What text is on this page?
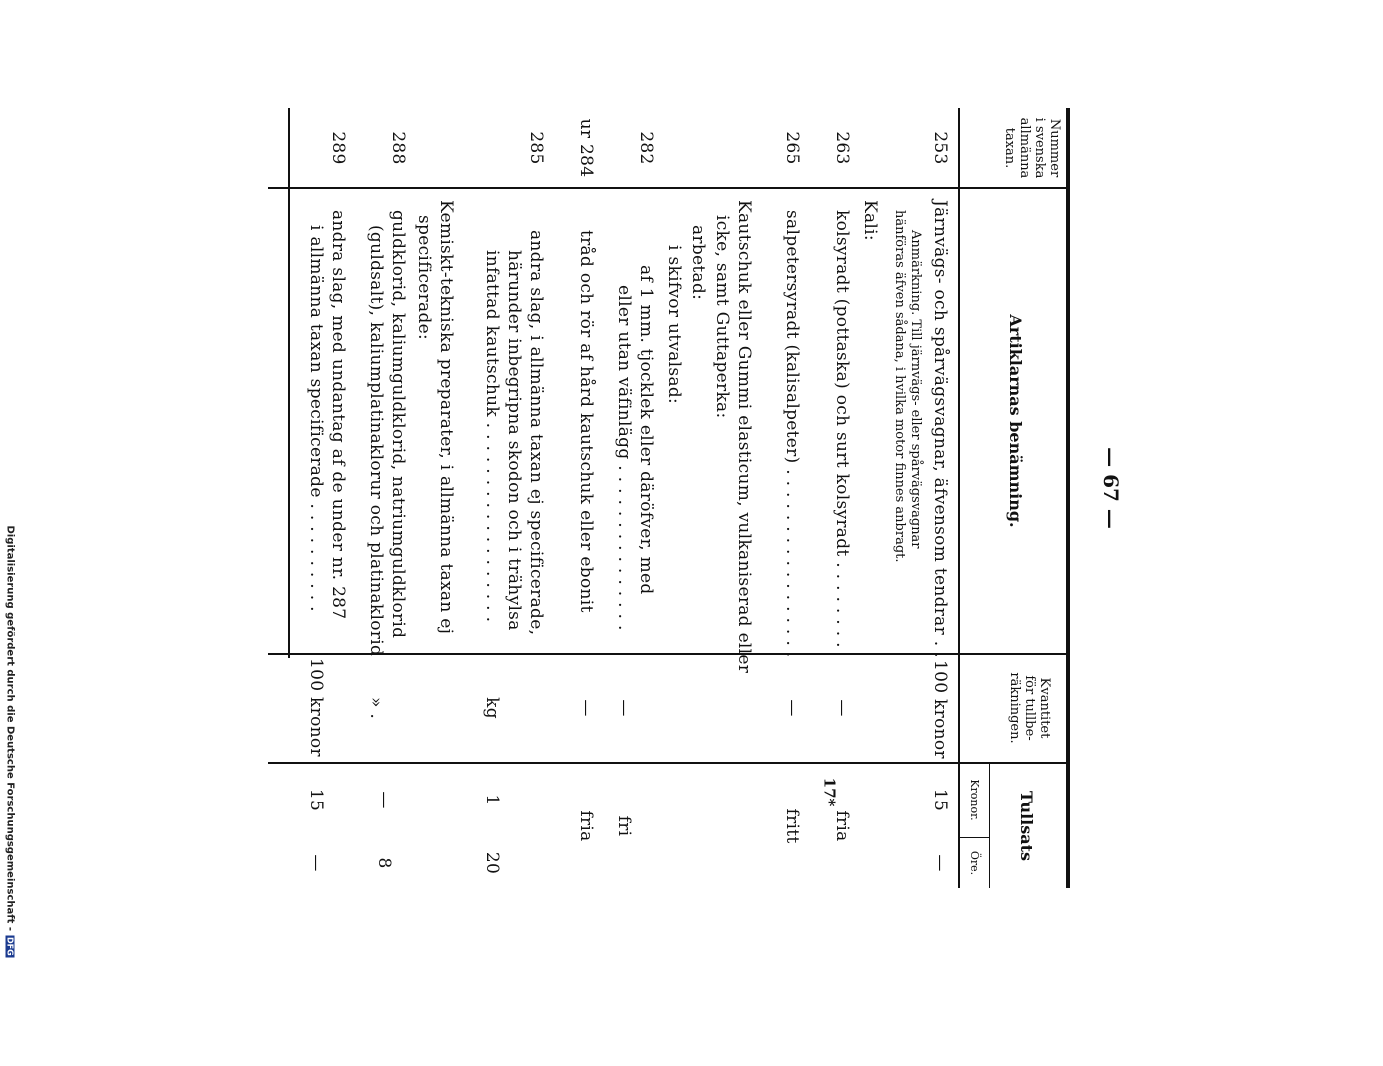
— 67 —
17*
Digitalisierung gefördert durch die Deutsche Forschungsgemeinschaft -DFG
Nummer
i svenska
allmänna
taxan.
Artiklarnas benämning.
Kvantitet
för tullbe-
räkningen.
Tullsats
Kronor.
Öre.
253
Järnvägs- och spårvägsvagnar, äfvensom tendrar . .
100 kronor
15
—
Anmärkning. Till järnvägs- eller spårvägsvagnar
hänföras äfven sådana, i hvilka motor finnes anbragt.
Kali:
263
kolsyradt (pottaska) och surt kolsyradt . . . . . . . .
—
fria
265
salpetersyradt (kalisalpeter) . . . . . . . . . . . . . . . . .
—
fritt
Kautschuk eller Gummi elasticum, vulkaniserad eller
icke, samt Guttaperka:
arbetad:
i skifvor utvalsad:
282
af 1 mm. tjocklek eller däröfver, med
eller utan väfinlägg . . . . . . . . . . . . . . .
—
fri
ur 284
tråd och rör af hård kautschuk eller ebonit
—
fria
285
andra slag, i allmänna taxan ej specificerade,
härunder inbegripna skodon och i trähylsa
infattad kautschuk . . . . . . . . . . . . . . . . . .
kg
1
20
Kemiskt-tekniska preparater, i allmänna taxan ej
specificerade:
288
guldklorid, kaliumguldklorid, natriumguldklorid
(guldsalt), kaliumplatinaklorur och platinaklorid
» .
—
8
289
andra slag, med undantag af de under nr. 287
i allmänna taxan specificerade . . . . . . . . . .
100 kronor
15
—
